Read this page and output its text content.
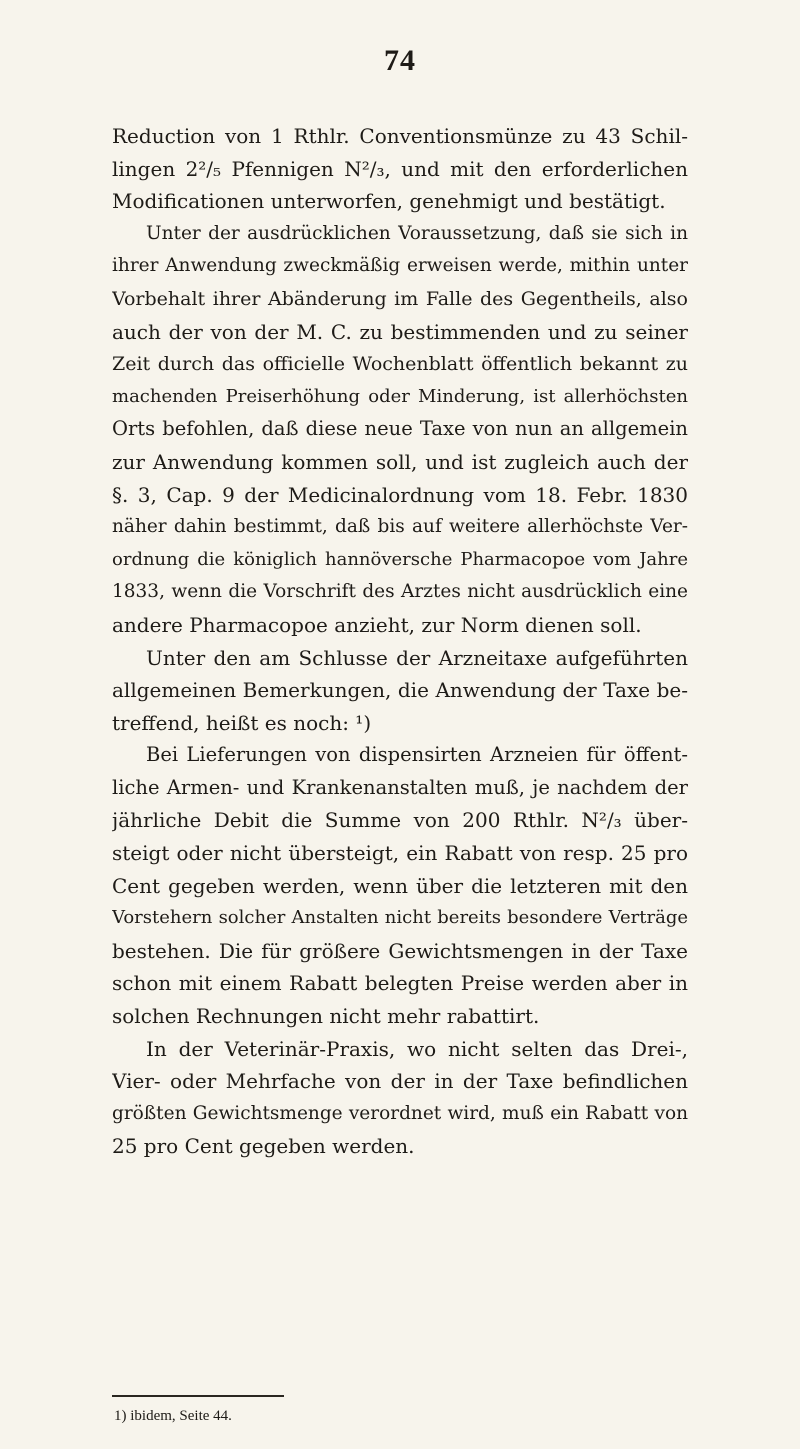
74
Reduction von 1 Rthlr. Conventionsmünze zu 43 Schil-
lingen 2²/₅ Pfennigen N²/₃, und mit den erforderlichen
Modificationen unterworfen, genehmigt und bestätigt.
Unter der ausdrücklichen Voraussetzung, daß sie sich in
ihrer Anwendung zweckmäßig erweisen werde, mithin unter
Vorbehalt ihrer Abänderung im Falle des Gegentheils, also
auch der von der M. C. zu bestimmenden und zu seiner
Zeit durch das officielle Wochenblatt öffentlich bekannt zu
machenden Preiserhöhung oder Minderung, ist allerhöchsten
Orts befohlen, daß diese neue Taxe von nun an allgemein
zur Anwendung kommen soll, und ist zugleich auch der
§. 3, Cap. 9 der Medicinalordnung vom 18. Febr. 1830
näher dahin bestimmt, daß bis auf weitere allerhöchste Ver-
ordnung die königlich hannöversche Pharmacopoe vom Jahre
1833, wenn die Vorschrift des Arztes nicht ausdrücklich eine
andere Pharmacopoe anzieht, zur Norm dienen soll.
Unter den am Schlusse der Arzneitaxe aufgeführten
allgemeinen Bemerkungen, die Anwendung der Taxe be-
treffend, heißt es noch: ¹)
Bei Lieferungen von dispensirten Arzneien für öffent-
liche Armen- und Krankenanstalten muß, je nachdem der
jährliche Debit die Summe von 200 Rthlr. N²/₃ über-
steigt oder nicht übersteigt, ein Rabatt von resp. 25 pro
Cent gegeben werden, wenn über die letzteren mit den
Vorstehern solcher Anstalten nicht bereits besondere Verträge
bestehen. Die für größere Gewichtsmengen in der Taxe
schon mit einem Rabatt belegten Preise werden aber in
solchen Rechnungen nicht mehr rabattirt.
In der Veterinär-Praxis, wo nicht selten das Drei-,
Vier- oder Mehrfache von der in der Taxe befindlichen
größten Gewichtsmenge verordnet wird, muß ein Rabatt von
25 pro Cent gegeben werden.
1) ibidem, Seite 44.
